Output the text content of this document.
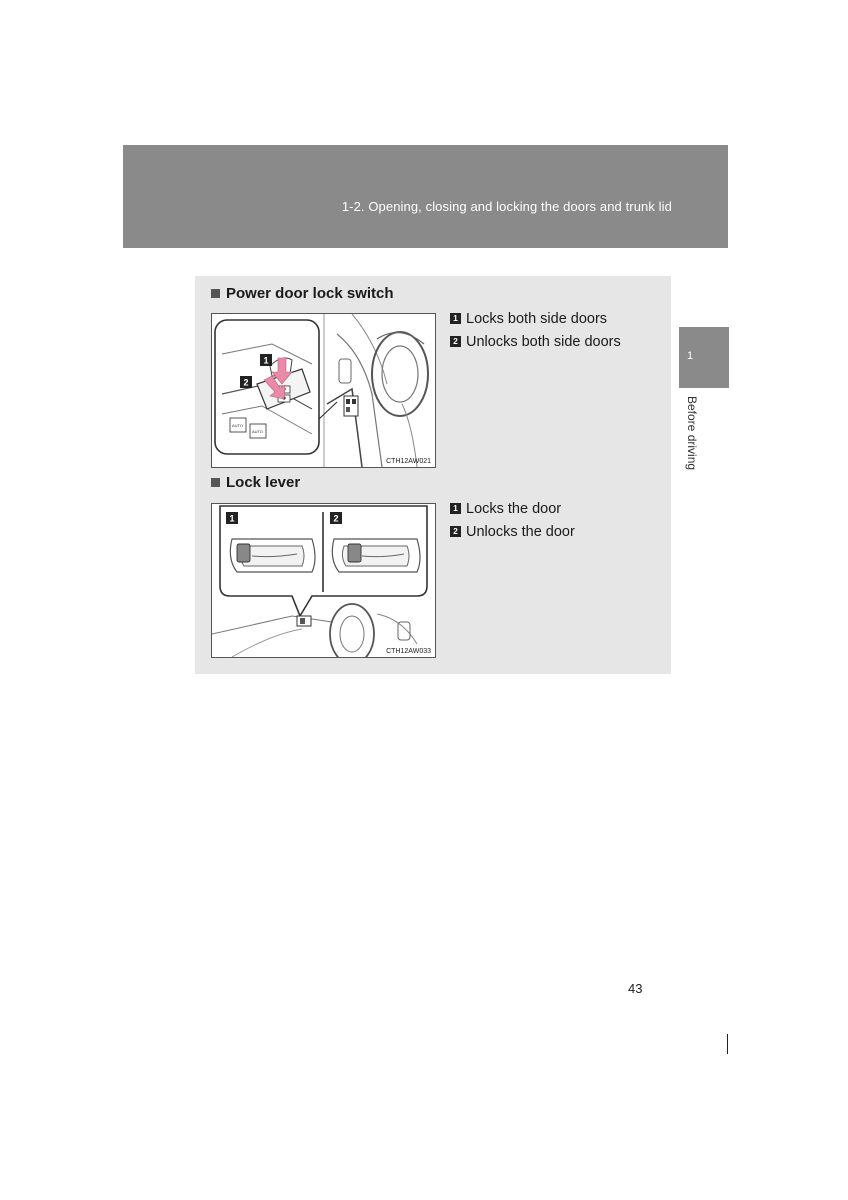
1-2. Opening, closing and locking the doors and trunk lid
Power door lock switch
AUTO
AUTO
1
2
CTH12AW021
1 Locks both side doors
2 Unlocks both side doors
Lock lever
1	2
CTH12AW033
1 Locks the door
2 Unlocks the door
1
Before driving
43
